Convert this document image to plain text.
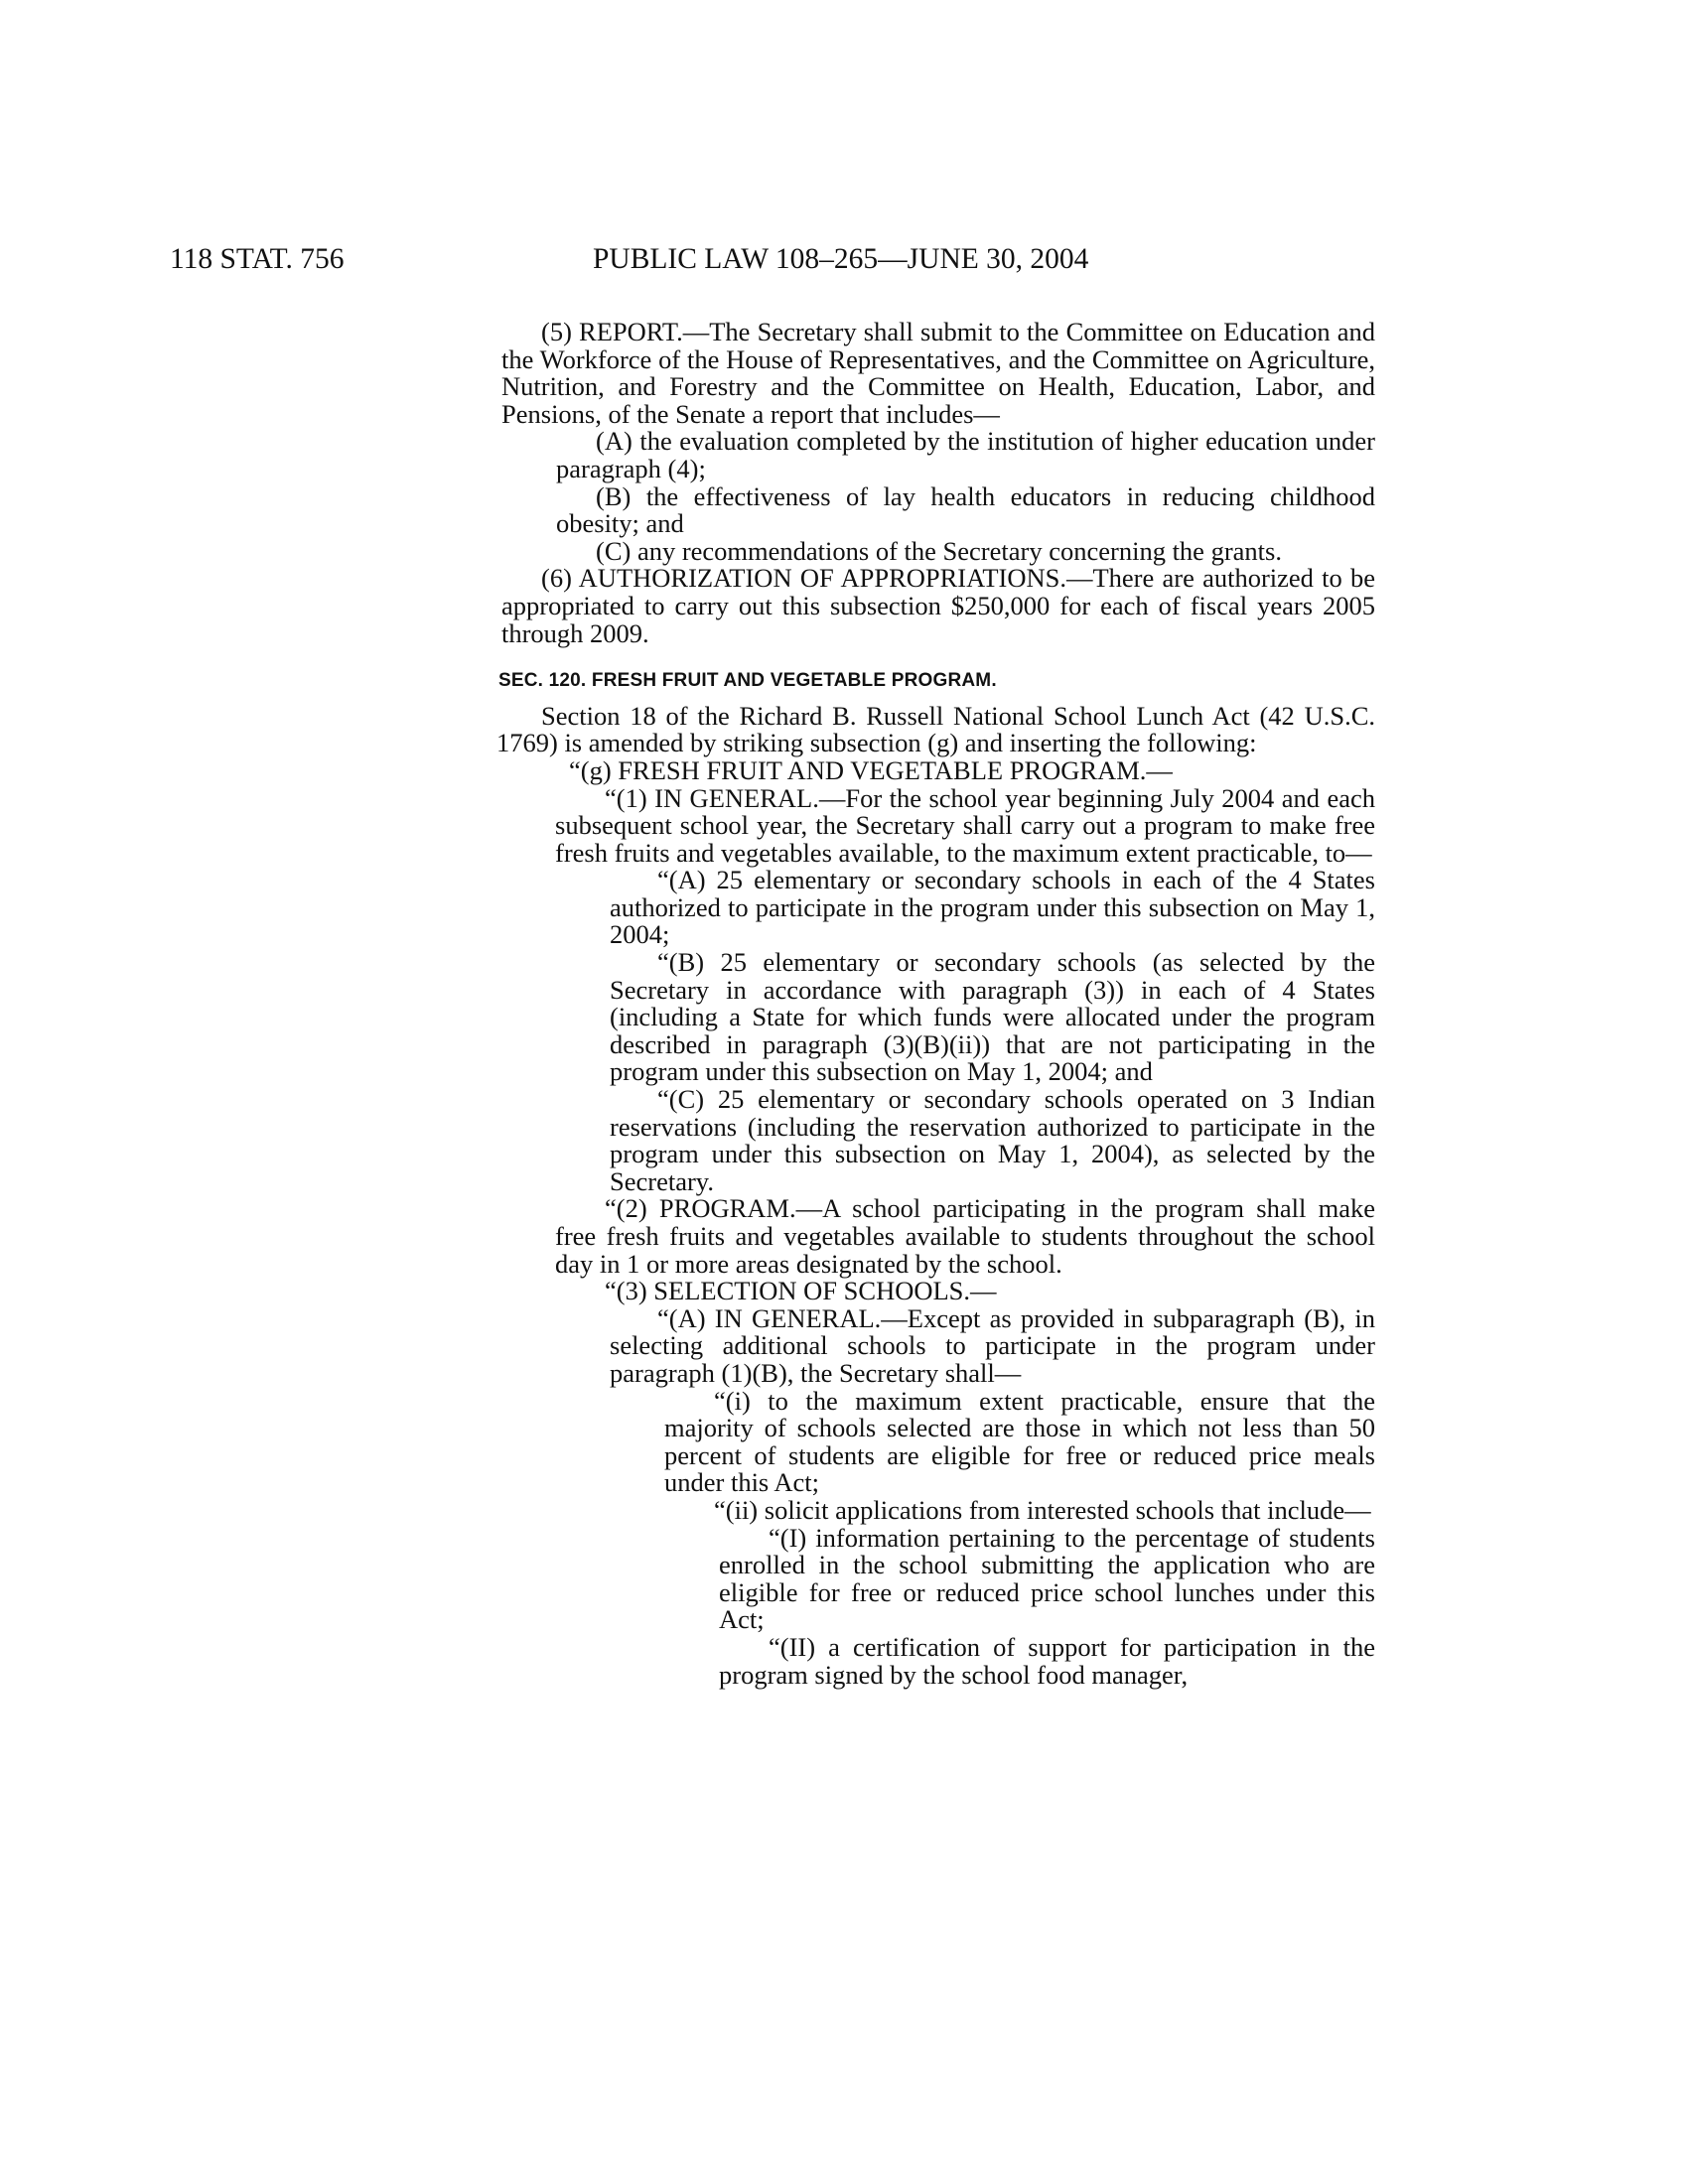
118 STAT. 756	PUBLIC LAW 108–265—JUNE 30, 2004

(5) REPORT.—The Secretary shall submit to the Committee on Education and the Workforce of the House of Representatives, and the Committee on Agriculture, Nutrition, and Forestry and the Committee on Health, Education, Labor, and Pensions, of the Senate a report that includes—

(A) the evaluation completed by the institution of higher education under paragraph (4);

(B) the effectiveness of lay health educators in reducing childhood obesity; and

(C) any recommendations of the Secretary concerning the grants.

(6) AUTHORIZATION OF APPROPRIATIONS.—There are authorized to be appropriated to carry out this subsection $250,000 for each of fiscal years 2005 through 2009.

SEC. 120. FRESH FRUIT AND VEGETABLE PROGRAM.

Section 18 of the Richard B. Russell National School Lunch Act (42 U.S.C. 1769) is amended by striking subsection (g) and inserting the following:

“(g) FRESH FRUIT AND VEGETABLE PROGRAM.—

“(1) IN GENERAL.—For the school year beginning July 2004 and each subsequent school year, the Secretary shall carry out a program to make free fresh fruits and vegetables available, to the maximum extent practicable, to—

“(A) 25 elementary or secondary schools in each of the 4 States authorized to participate in the program under this subsection on May 1, 2004;

“(B) 25 elementary or secondary schools (as selected by the Secretary in accordance with paragraph (3)) in each of 4 States (including a State for which funds were allocated under the program described in paragraph (3)(B)(ii)) that are not participating in the program under this subsection on May 1, 2004; and

“(C) 25 elementary or secondary schools operated on 3 Indian reservations (including the reservation authorized to participate in the program under this subsection on May 1, 2004), as selected by the Secretary.

“(2) PROGRAM.—A school participating in the program shall make free fresh fruits and vegetables available to students throughout the school day in 1 or more areas designated by the school.

“(3) SELECTION OF SCHOOLS.—

“(A) IN GENERAL.—Except as provided in subparagraph (B), in selecting additional schools to participate in the program under paragraph (1)(B), the Secretary shall—

“(i) to the maximum extent practicable, ensure that the majority of schools selected are those in which not less than 50 percent of students are eligible for free or reduced price meals under this Act;

“(ii) solicit applications from interested schools that include—

“(I) information pertaining to the percentage of students enrolled in the school submitting the application who are eligible for free or reduced price school lunches under this Act;

“(II) a certification of support for participation in the program signed by the school food manager,
